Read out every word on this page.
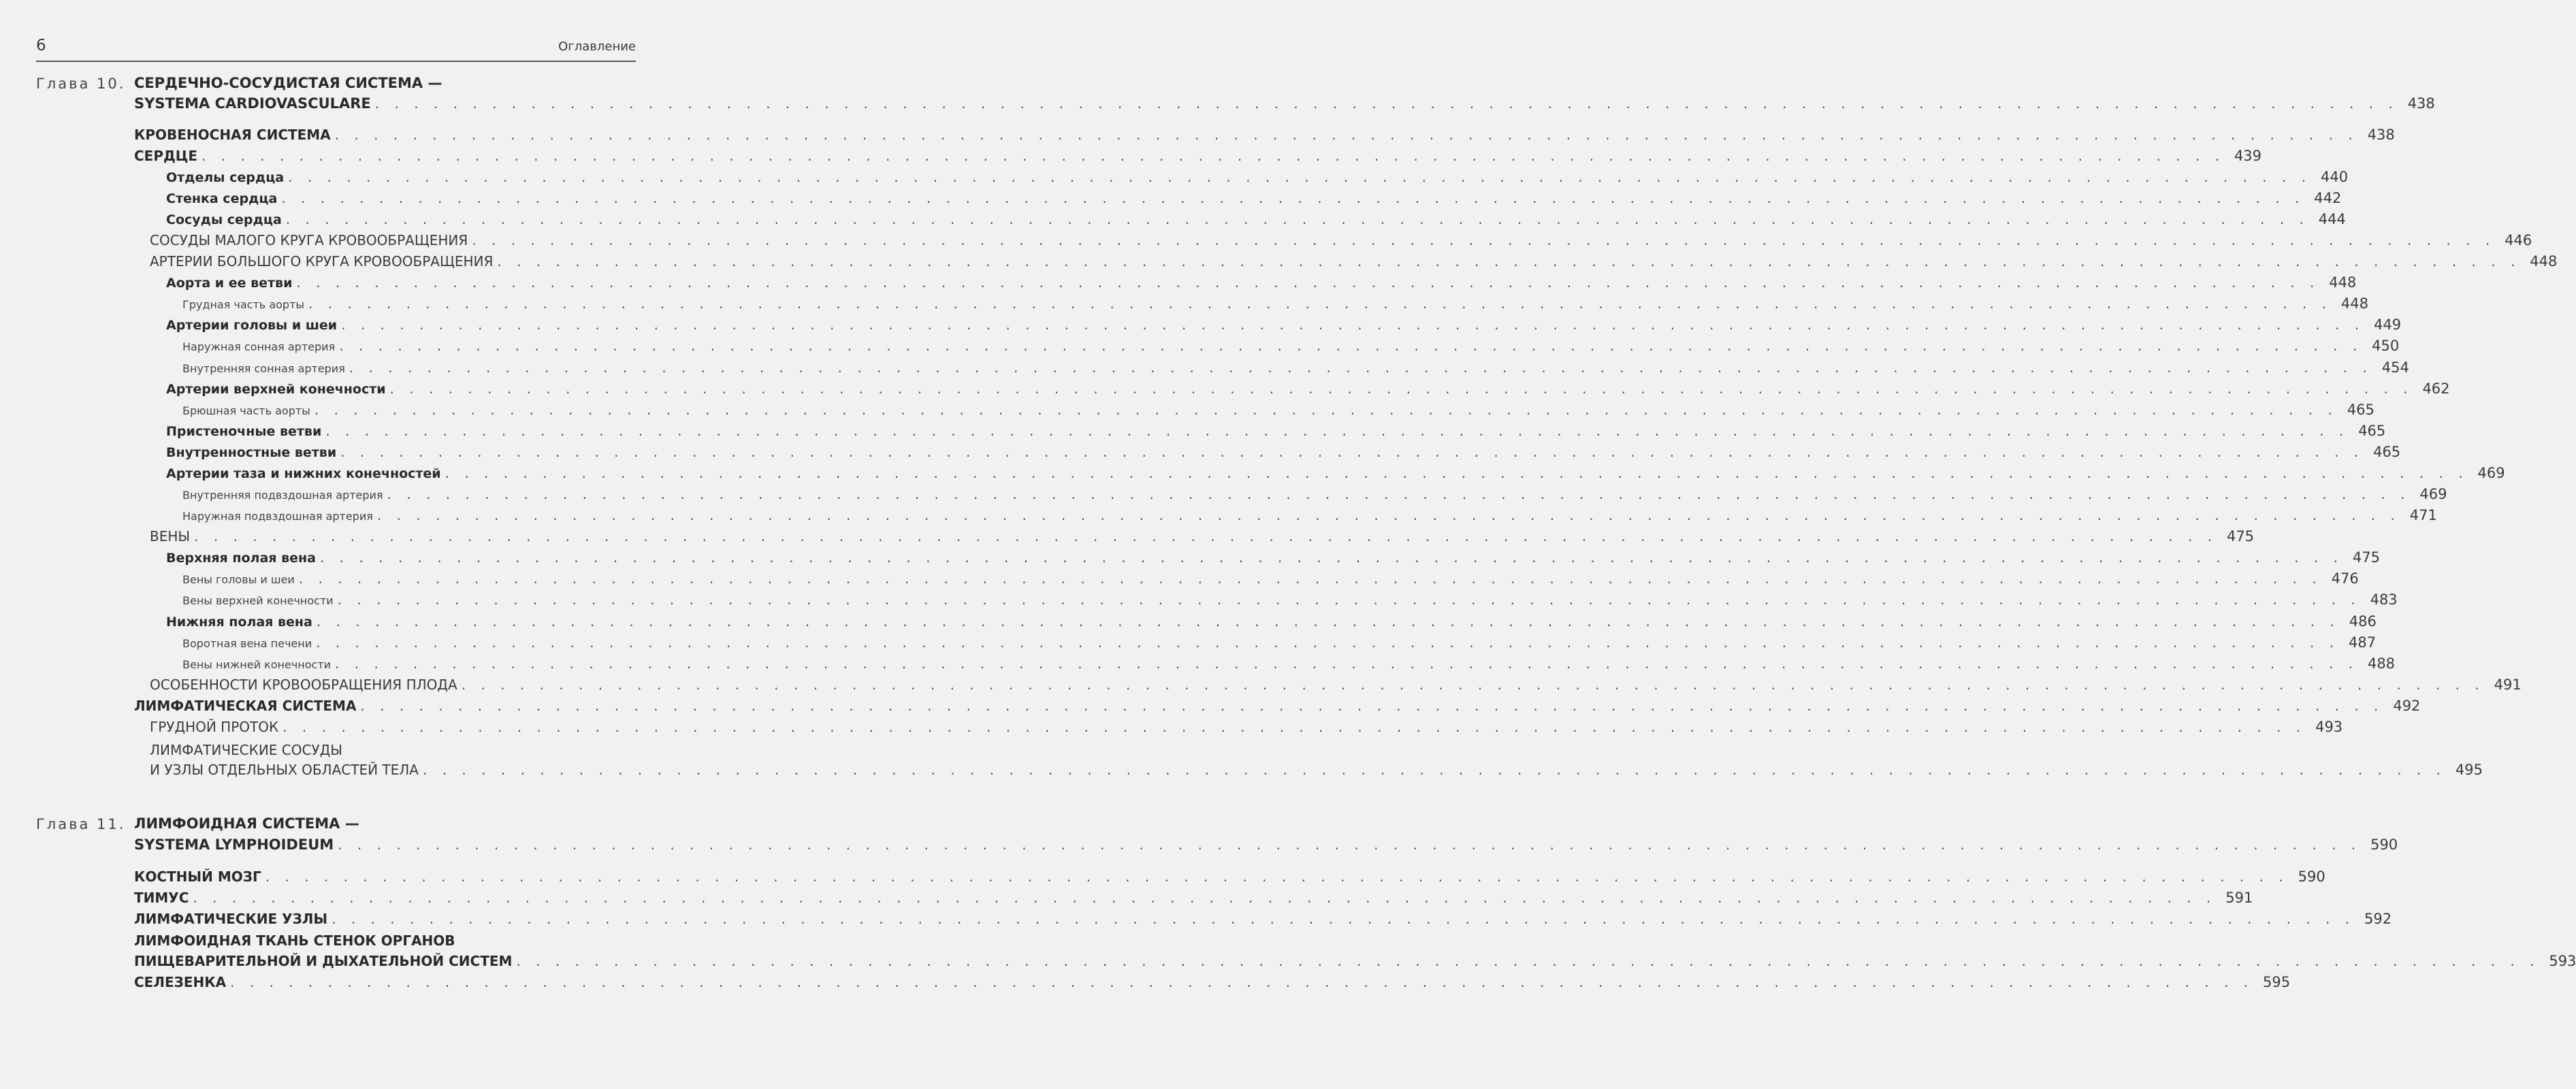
6	Оглавление
Глава 10. СЕРДЕЧНО-СОСУДИСТАЯ СИСТЕМА —
SYSTEMA CARDIOVASCULARE . . .	438
КРОВЕНОСНАЯ СИСТЕМА . . .	438
СЕРДЦЕ . . .	439
Отделы сердца . . .	440
Стенка сердца . . .	442
Сосуды сердца . . .	444
СОСУДЫ МАЛОГО КРУГА КРОВООБРАЩЕНИЯ . . .	446
АРТЕРИИ БОЛЬШОГО КРУГА КРОВООБРАЩЕНИЯ . . .	448
Аорта и ее ветви . . .	448
Грудная часть аорты . . .	448
Артерии головы и шеи . . .	449
Наружная сонная артерия . . .	450
Внутренняя сонная артерия . . .	454
Артерии верхней конечности . . .	462
Брюшная часть аорты . . .	465
Пристеночные ветви . . .	465
Внутренностные ветви . . .	465
Артерии таза и нижних конечностей . . .	469
Внутренняя подвздошная артерия . . .	469
Наружная подвздошная артерия . . .	471
ВЕНЫ . . .	475
Верхняя полая вена . . .	475
Вены головы и шеи . . .	476
Вены верхней конечности . . .	483
Нижняя полая вена . . .	486
Воротная вена печени . . .	487
Вены нижней конечности . . .	488
ОСОБЕННОСТИ КРОВООБРАЩЕНИЯ ПЛОДА . . .	491
ЛИМФАТИЧЕСКАЯ СИСТЕМА . . .	492
ГРУДНОЙ ПРОТОК . . .	493
ЛИМФАТИЧЕСКИЕ СОСУДЫ
И УЗЛЫ ОТДЕЛЬНЫХ ОБЛАСТЕЙ ТЕЛА . . .	495
Глава 11. ЛИМФОИДНАЯ СИСТЕМА —
SYSTEMA LYMPHOIDEUM . . .	590
КОСТНЫЙ МОЗГ . . .	590
ТИМУС . . .	591
ЛИМФАТИЧЕСКИЕ УЗЛЫ . . .	592
ЛИМФОИДНАЯ ТКАНЬ СТЕНОК ОРГАНОВ
ПИЩЕВАРИТЕЛЬНОЙ И ДЫХАТЕЛЬНОЙ СИСТЕМ . . .	593
СЕЛЕЗЕНКА . . .	595
